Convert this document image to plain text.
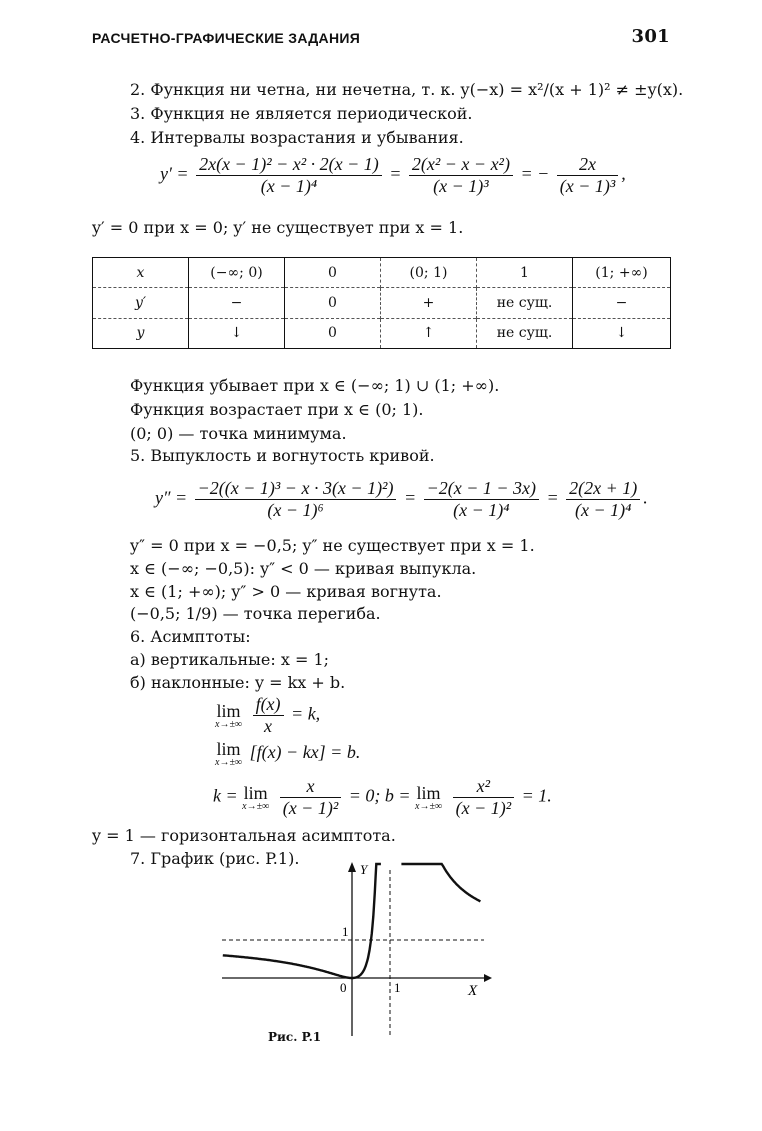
РАСЧЕТНО-ГРАФИЧЕСКИЕ ЗАДАНИЯ	301
2. Функция ни четна, ни нечетна, т. к. y(−x) = x²/(x + 1)² ≠ ±y(x).
3. Функция не является периодической.
4. Интервалы возрастания и убывания.
$y' = \frac{\text{2x(x − 1)² − x² · 2(x − 1)}}{\text{(x − 1)⁴}} = \frac{\text{2(x² − x − x²)}}{\text{(x − 1)³}}$ = − $\frac{2x}{\text{(x − 1)³}}$ ,
y′ = 0 при x = 0; y′ не существует при x = 1.
x	(−∞; 0)	0	(0; 1)	1	(1; +∞)
y′	−	0	+	не сущ.	−
y	↓	0	↑	не сущ.	↓
Функция убывает при x ∈ (−∞; 1) ∪ (1; +∞).
Функция возрастает при x ∈ (0; 1).
(0; 0) — точка минимума.
5. Выпуклость и вогнутость кривой.
$y'' = \frac{\text{−2((x − 1)³ − x · 3(x − 1)²)}}{\text{(x − 1)⁶}} = \frac{-2(x - 1 - 3x)}{\text{(x − 1)⁴}} = \frac{2(2x + 1)}{\text{(x − 1)⁴}}$ .
y″ = 0 при x = −0,5; y″ не существует при x = 1.
x ∈ (−∞; −0,5): y″ < 0 — кривая выпукла.
x ∈ (1; +∞); y″ > 0 — кривая вогнута.
(−0,5; 1/9) — точка перегиба.
6. Асимптоты:
а) вертикальные: x = 1;
б) наклонные: y = kx + b.
lim
x→±∞
$\frac{f(x)}{x} = k$,
lim
x→±∞
[f(x) − kx] = b.
k = lim
x→±∞
$\frac{x}{\text{(x − 1)²}} = 0$; b = lim
x→±∞
$\frac{\text{x²}}{\text{(x − 1)²}} = 1$.
y = 1 — горизонтальная асимптота.
7. График (рис. P.1).
Y
X
0	1
1
Рис. P.1
